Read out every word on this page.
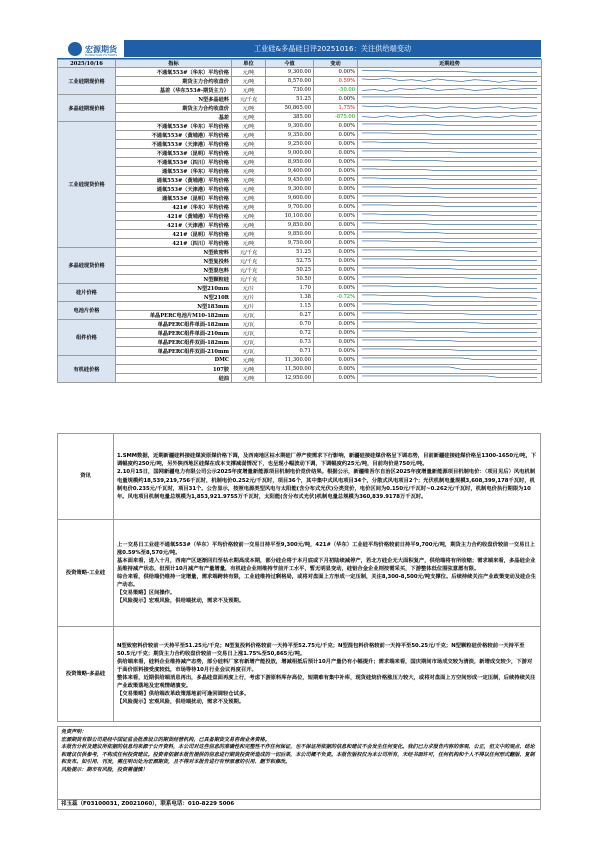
宏源期货
HONGYUAN FUTURES
工业硅&多晶硅日评20251016：关注供给端变动
2025/10/16	指标	单位	今值	变动	近期趋势
工业硅期现价格	不通氧553#（华东）平均价格	元/吨	9,300.00	0.00%	

	期货主力合约收盘价	元/吨	8,570.00	0.59%	

	基差（华东553#-期货主力）	元/吨	730.00	-50.00	

多晶硅期现价格	N型多晶硅料	元/千克	51.25	0.00%	

	期货主力合约收盘价	元/吨	50,865.00	1.75%	

	基差	元/吨	385.00	-875.00	

工业硅现货价格	不通氧553#（华东）平均价格	元/吨	9,300.00	0.00%	

	不通氧553#（黄埔港）平均价格	元/吨	9,350.00	0.00%	

	不通氧553#（天津港）平均价格	元/吨	9,250.00	0.00%	

	不通氧553#（昆明）平均价格	元/吨	9,000.00	0.00%	

	不通氧553#（四川）平均价格	元/吨	8,950.00	0.00%	

	通氧553#（华东）平均价格	元/吨	9,400.00	0.00%	

	通氧553#（黄埔港）平均价格	元/吨	9,450.00	0.00%	

	通氧553#（天津港）平均价格	元/吨	9,300.00	0.00%	

	通氧553#（昆明）平均价格	元/吨	9,600.00	0.00%	

	421#（华东）平均价格	元/吨	9,700.00	0.00%	

	421#（黄埔港）平均价格	元/吨	10,100.00	0.00%	

	421#（天津港）平均价格	元/吨	9,850.00	0.00%	

	421#（昆明）平均价格	元/吨	9,850.00	0.00%	

	421#（四川）平均价格	元/吨	9,750.00	0.00%	

多晶硅现货价格	N型致密料	元/千克	51.25	0.00%	

	N型复投料	元/千克	52.75	0.00%	

	N型混包料	元/千克	50.25	0.00%	

	N型颗粒硅	元/千克	50.50	0.00%	

硅片价格	N型210mm	元/片	1.70	0.00%	

	N型210R	元/片	1.38	-0.72%	

电池片价格	N型183mm	元/片	1.15	0.00%	

	单晶PERC电池片M10-182mm	元/瓦	0.27	0.00%	

组件价格	单晶PERC组件单面-182mm	元/瓦	0.70	0.00%	

	单晶PERC组件单面-210mm	元/瓦	0.72	0.00%	

	单晶PERC组件双面-182mm	元/瓦	0.73	0.00%	

	单晶PERC组件双面-210mm	元/瓦	0.71	0.00%	

有机硅价格	DMC	元/吨	11,300.00	0.00%	

	107胶	元/吨	11,500.00	0.00%	

	硅油	元/吨	12,950.00	0.00%	
资讯	1.SMM数据，近期新疆硅料接硅煤炭原煤价格下调，及西南地区枯水期硅厂停产使需求下行影响，新疆硅接硅煤价格呈下调态势，目前新疆硅接硅煤价格呈1300-1650元/吨，下调幅度约250元/吨，另外陕西地区硅煤在成本支撑减弱情况下，也呈现小幅波动下调，下调幅度约25元/吨，目前均价是750元/吨。
2.10月15日，国网新疆电力有限公司公示2025年度增量新能源项目机制电价竞价结果。根据公示，新疆维吾尔自治区2025年度增量新能源项目机制电价：（项目见后）风电机制电量规模约18,539,219,756千瓦时，机制电价0.252元/千瓦时，项目36个，其中集中式风电项目34个，分散式风电项目2个；光伏机制电量规模3,608,399,178千瓦时，机制电价0.235元/千瓦时，项目31个。公告显示，按照电源类型风电与太阳能(含分布式光伏)分类竞价，电价区间为0.150元/千瓦时~0.262元/千瓦时，机制电价执行期限为10年。风电项目机制电量总规模为1,853,921.9755万千瓦时，太阳能(含分布式光伏)机制电量总规模为360,839.9178万千瓦时。
投资策略-工业硅	上一交易日工业硅不通氧553#（华东）平均价格较前一交易日持平至9,300元/吨，421#（华东）工业硅平均价格较前日持平9,700元/吨，期货主力合约收盘价较前一交易日上涨0.59%至8,570元/吨。
基本面来看，进入十月，西南产区逐渐回归至枯水期高成本期，部分硅企将于本月底或下月初陆续减停产，若北方硅企无大面积复产，供给端将有所收缩；需求端来看，多晶硅企业虽维持减产状态，但预计10月减产有产量增量，有机硅企业则维持节前开工水平，暂无明显变动，硅铝合金企业则按需采买，下游整体低位围弦意愿有限。
综合来看，供给端仍维持一定增量，需求端跨转有限，工业硅维持过剩格局，或将对盘面上方形成一定压制，关注8,300-8,500元/吨支撑位。后续持续关注产业政策变动及硅企生产动态。
【交易策略】区间操作。
【风险提示】宏观风险，供给端扰动，需求不及预期。
投资策略-多晶硅	N型致密料价较前一天持平至51.25元/千克；N型复投料价格较前一天持平至52.75元/千克；N型混包料价格较前一天持平至50.25元/千克；N型颗粒硅价格较前一天持平至50.5元/千克；期货主力合约收盘价较前一交易日上涨1.75%至50,865元/吨。
供给端来看，硅料企业维持减产态势，部分硅料厂家有新增产能投放，增减相抵后预计10月产量仍有小幅提升；需求端来看，国庆期间市场成交较为清淡，新增成交较少，下游对于高价原料接受度较低，市场等待10月行业会议再度召开。
整体来看，近期供给端消息再出，多晶硅盘面再度上行，考虑下游原料库存高位，短期难有集中补库，现货硅烷价格涨压力较大，或将对盘面上方空间形成一定压制，后续持续关注产业政策落地及宏观情绪演变。
【交易策略】供给端改革政策落地前可逢回调轻仓试多。
【风险提示】宏观风险，供给端扰动，需求不及预期。
免责声明：
宏源期货有限公司是经中国证监会批准设立的期货经营机构，已具备期货交易咨询业务资格。
本报告分析及建议所依据的信息均来源于公开资料，本公司对这些信息的准确性和完整性不作任何保证，也不保证所依据的信息和建议不会发生任何变化。我们已力求报告内容的客观、公正，但文中的观点、结论和建议仅供参考，不构成任何投资建议。投资者依据本报告提供的信息进行期货投资所造成的一切后果，本公司概不负责。本报告版权仅为本公司所有，未经书面许可，任何机构和个人不得以任何形式翻版、复制和发布。如引用、刊发，需注明出处为宏源期货，且不得对本报告进行有悖原意的引用、删节和修改。
风险提示：期市有风险，投资需谨慎！
祁玉蕊（F03100031, Z0021060），联系电话：010-8229 5006
